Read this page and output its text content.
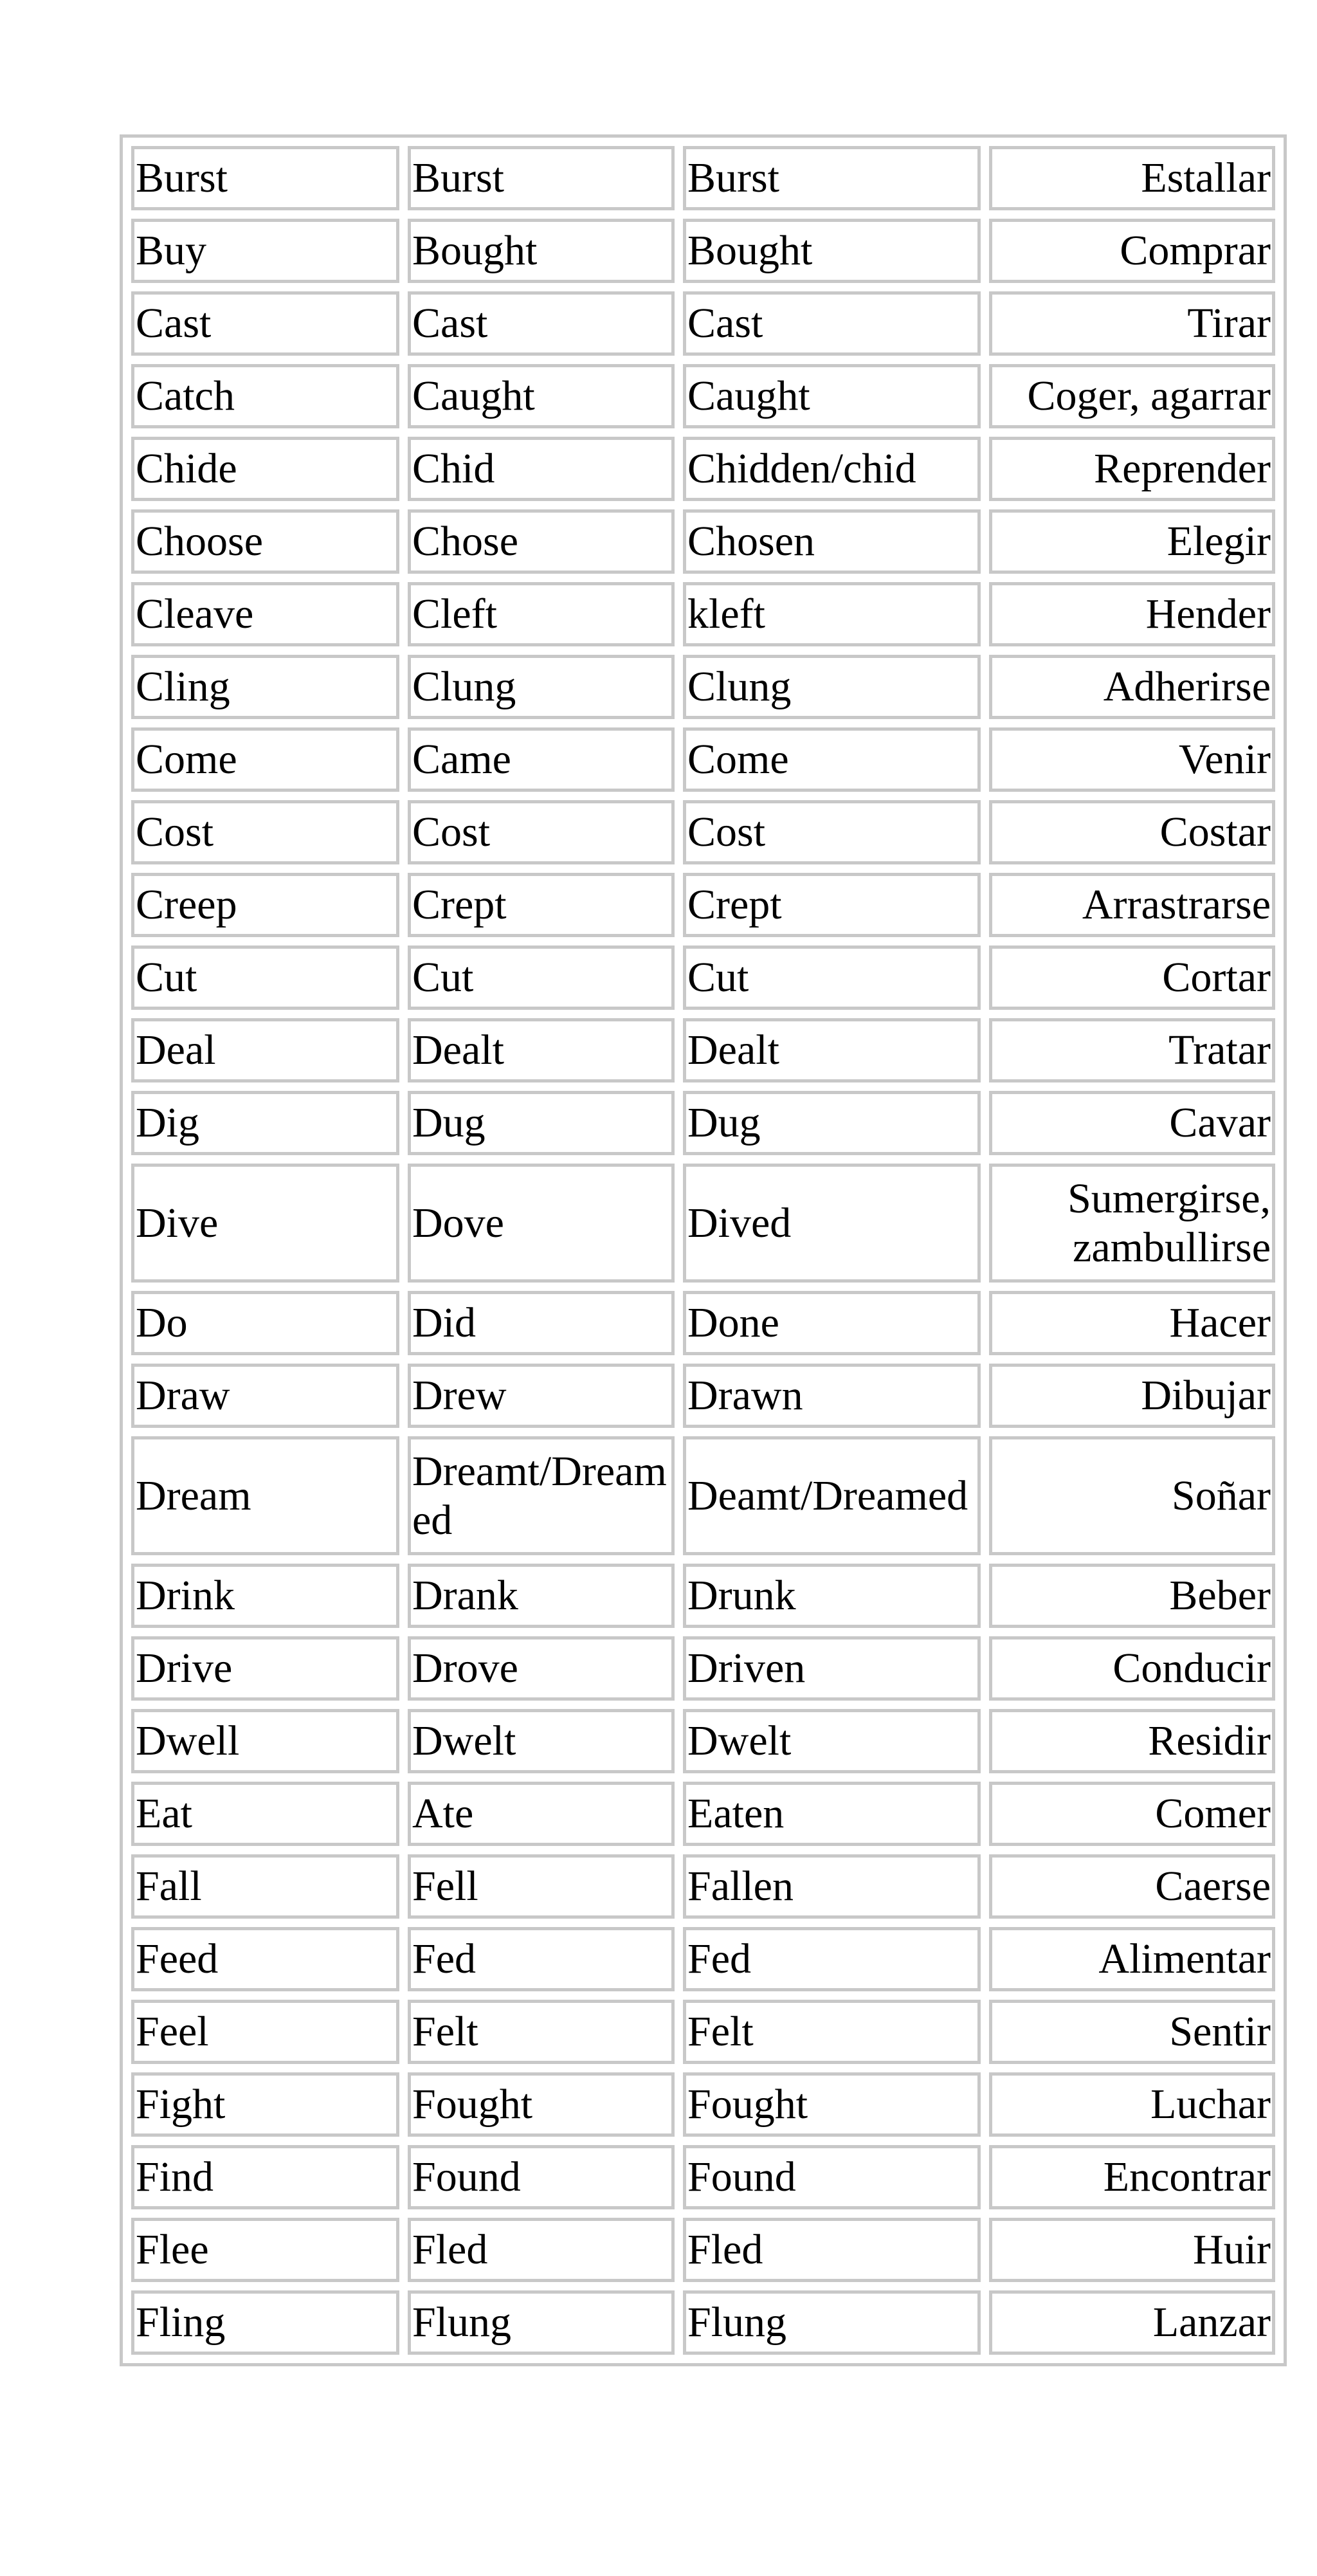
Burst	Burst	Burst	Estallar
Buy	Bought	Bought	Comprar
Cast	Cast	Cast	Tirar
Catch	Caught	Caught	Coger, agarrar
Chide	Chid	Chidden/chid	Reprender
Choose	Chose	Chosen	Elegir
Cleave	Cleft	kleft	Hender
Cling	Clung	Clung	Adherirse
Come	Came	Come	Venir
Cost	Cost	Cost	Costar
Creep	Crept	Crept	Arrastrarse
Cut	Cut	Cut	Cortar
Deal	Dealt	Dealt	Tratar
Dig	Dug	Dug	Cavar
Dive	Dove	Dived	Sumergirse, zambullirse
Do	Did	Done	Hacer
Draw	Drew	Drawn	Dibujar
Dream	Dreamt/Dreamed	Deamt/Dreamed	Soñar
Drink	Drank	Drunk	Beber
Drive	Drove	Driven	Conducir
Dwell	Dwelt	Dwelt	Residir
Eat	Ate	Eaten	Comer
Fall	Fell	Fallen	Caerse
Feed	Fed	Fed	Alimentar
Feel	Felt	Felt	Sentir
Fight	Fought	Fought	Luchar
Find	Found	Found	Encontrar
Flee	Fled	Fled	Huir
Fling	Flung	Flung	Lanzar
